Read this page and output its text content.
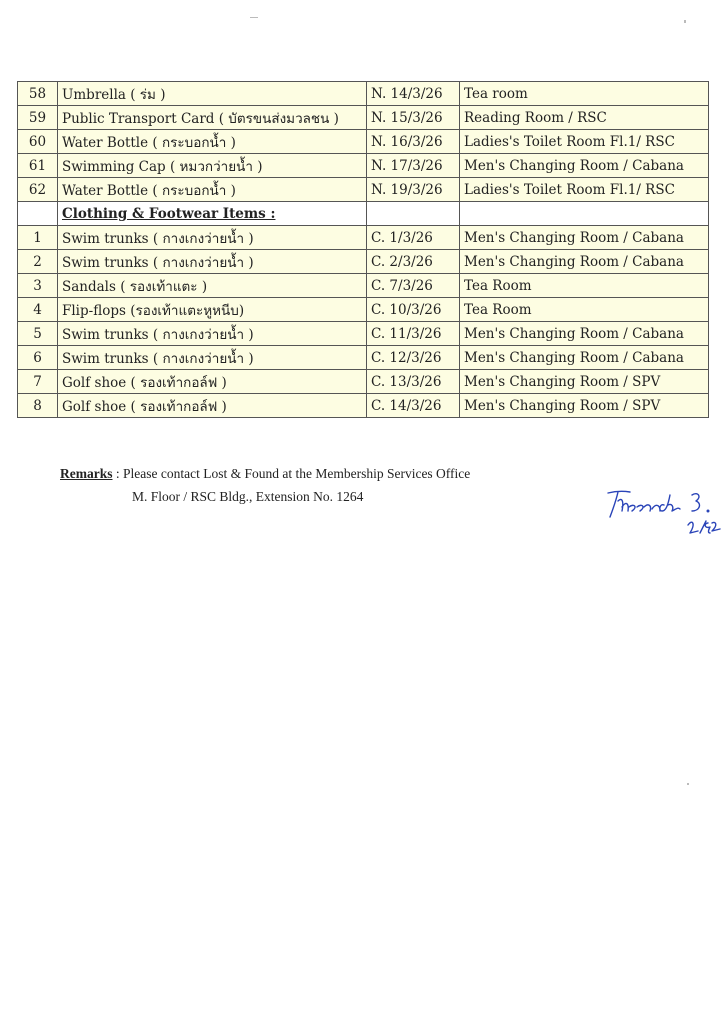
58	Umbrella ( ร่ม )	N. 14/3/26	Tea room
59	Public Transport Card ( บัตรขนส่งมวลชน )	N. 15/3/26	Reading Room / RSC
60	Water Bottle ( กระบอกน้ำ )	N. 16/3/26	Ladies's Toilet Room Fl.1/ RSC
61	Swimming Cap ( หมวกว่ายน้ำ )	N. 17/3/26	Men's Changing Room / Cabana
62	Water Bottle ( กระบอกน้ำ )	N. 19/3/26	Ladies's Toilet Room Fl.1/ RSC
	Clothing & Footwear Items :		
1	Swim trunks ( กางเกงว่ายน้ำ )	C. 1/3/26	Men's Changing Room / Cabana
2	Swim trunks ( กางเกงว่ายน้ำ )	C. 2/3/26	Men's Changing Room / Cabana
3	Sandals ( รองเท้าแตะ )	C. 7/3/26	Tea Room
4	Flip-flops (รองเท้าแตะหูหนีบ)	C. 10/3/26	Tea Room
5	Swim trunks ( กางเกงว่ายน้ำ )	C. 11/3/26	Men's Changing Room / Cabana
6	Swim trunks ( กางเกงว่ายน้ำ )	C. 12/3/26	Men's Changing Room / Cabana
7	Golf shoe ( รองเท้ากอล์ฟ )	C. 13/3/26	Men's Changing Room / SPV
8	Golf shoe ( รองเท้ากอล์ฟ )	C. 14/3/26	Men's Changing Room / SPV
Remarks : Please contact Lost & Found at the Membership Services Office
M. Floor / RSC Bldg., Extension No. 1264
